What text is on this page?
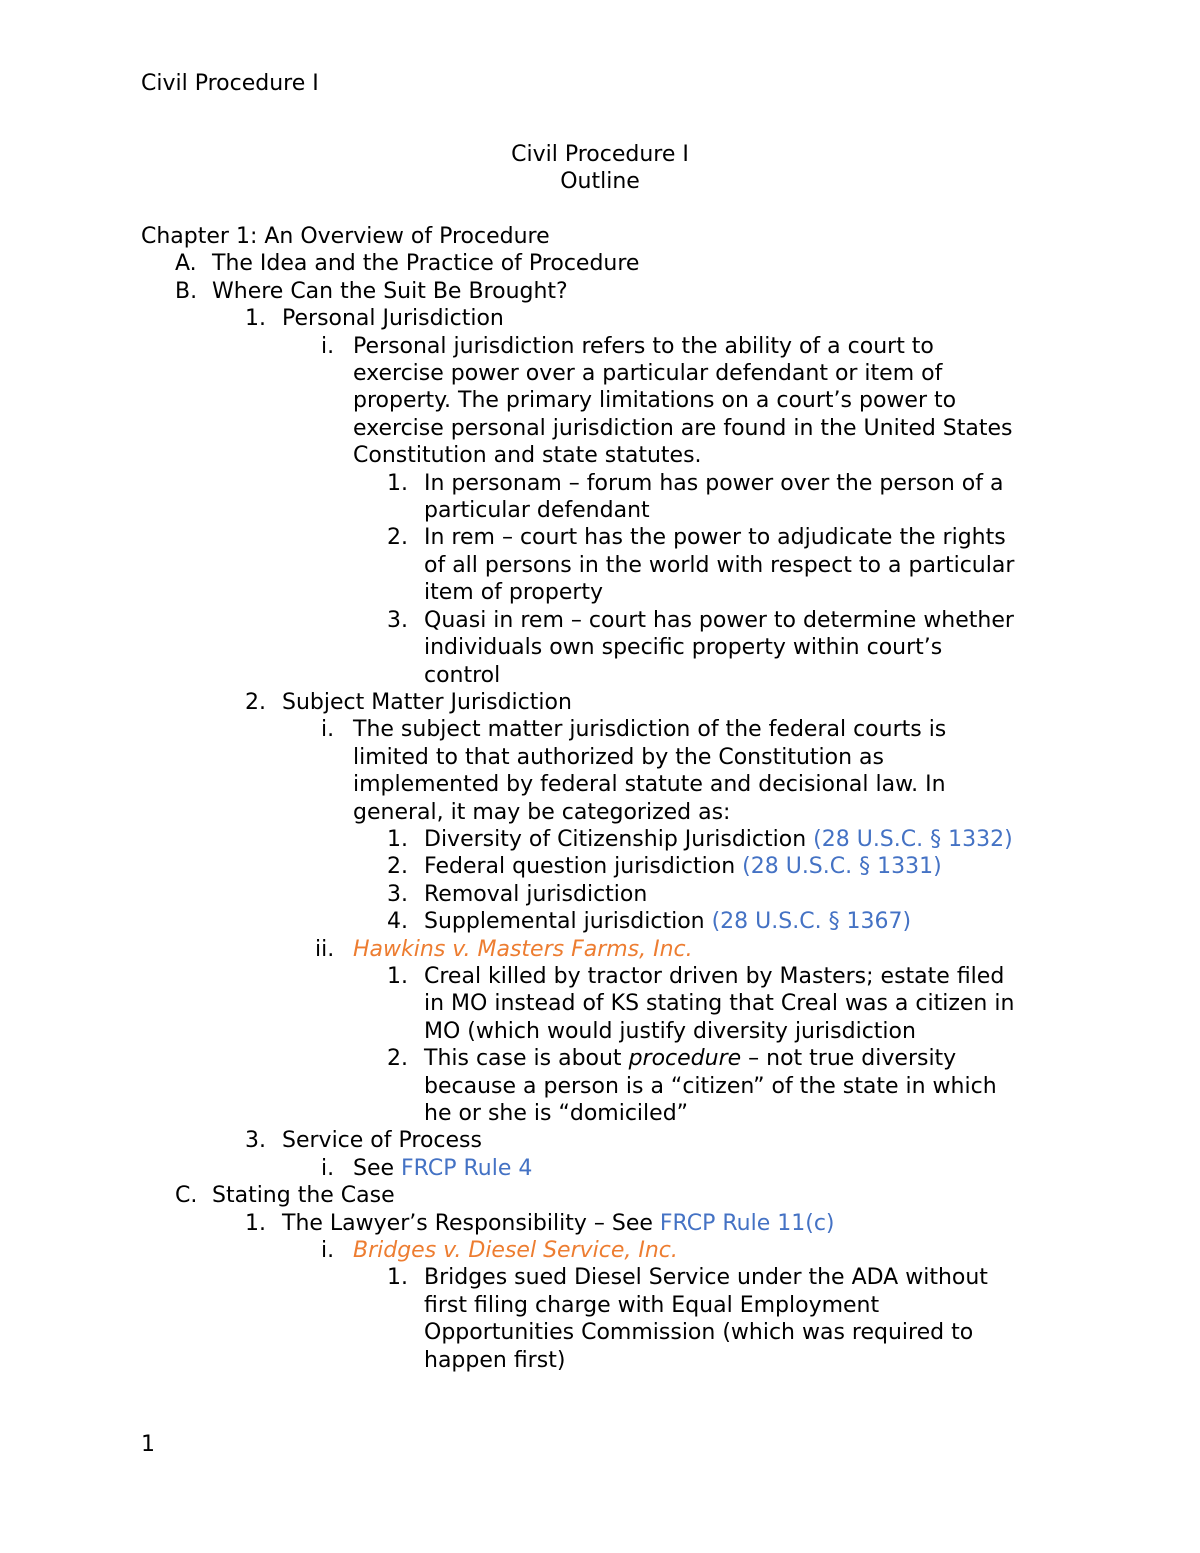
Civil Procedure I
Civil Procedure I
Outline
Chapter 1: An Overview of Procedure
A. The Idea and the Practice of Procedure
B. Where Can the Suit Be Brought?
1. Personal Jurisdiction
i. Personal jurisdiction refers to the ability of a court to
exercise power over a particular defendant or item of
property. The primary limitations on a court’s power to
exercise personal jurisdiction are found in the United States
Constitution and state statutes.
1. In personam – forum has power over the person of a
particular defendant
2. In rem – court has the power to adjudicate the rights
of all persons in the world with respect to a particular
item of property
3. Quasi in rem – court has power to determine whether
individuals own specific property within court’s
control
2. Subject Matter Jurisdiction
i. The subject matter jurisdiction of the federal courts is
limited to that authorized by the Constitution as
implemented by federal statute and decisional law. In
general, it may be categorized as:
1. Diversity of Citizenship Jurisdiction (28 U.S.C. § 1332)
2. Federal question jurisdiction (28 U.S.C. § 1331)
3. Removal jurisdiction
4. Supplemental jurisdiction (28 U.S.C. § 1367)
ii. Hawkins v. Masters Farms, Inc.
1. Creal killed by tractor driven by Masters; estate filed
in MO instead of KS stating that Creal was a citizen in
MO (which would justify diversity jurisdiction
2. This case is about procedure – not true diversity
because a person is a “citizen” of the state in which
he or she is “domiciled”
3. Service of Process
i. See FRCP Rule 4
C. Stating the Case
1. The Lawyer’s Responsibility – See FRCP Rule 11(c)
i. Bridges v. Diesel Service, Inc.
1. Bridges sued Diesel Service under the ADA without
first filing charge with Equal Employment
Opportunities Commission (which was required to
happen first)
1
